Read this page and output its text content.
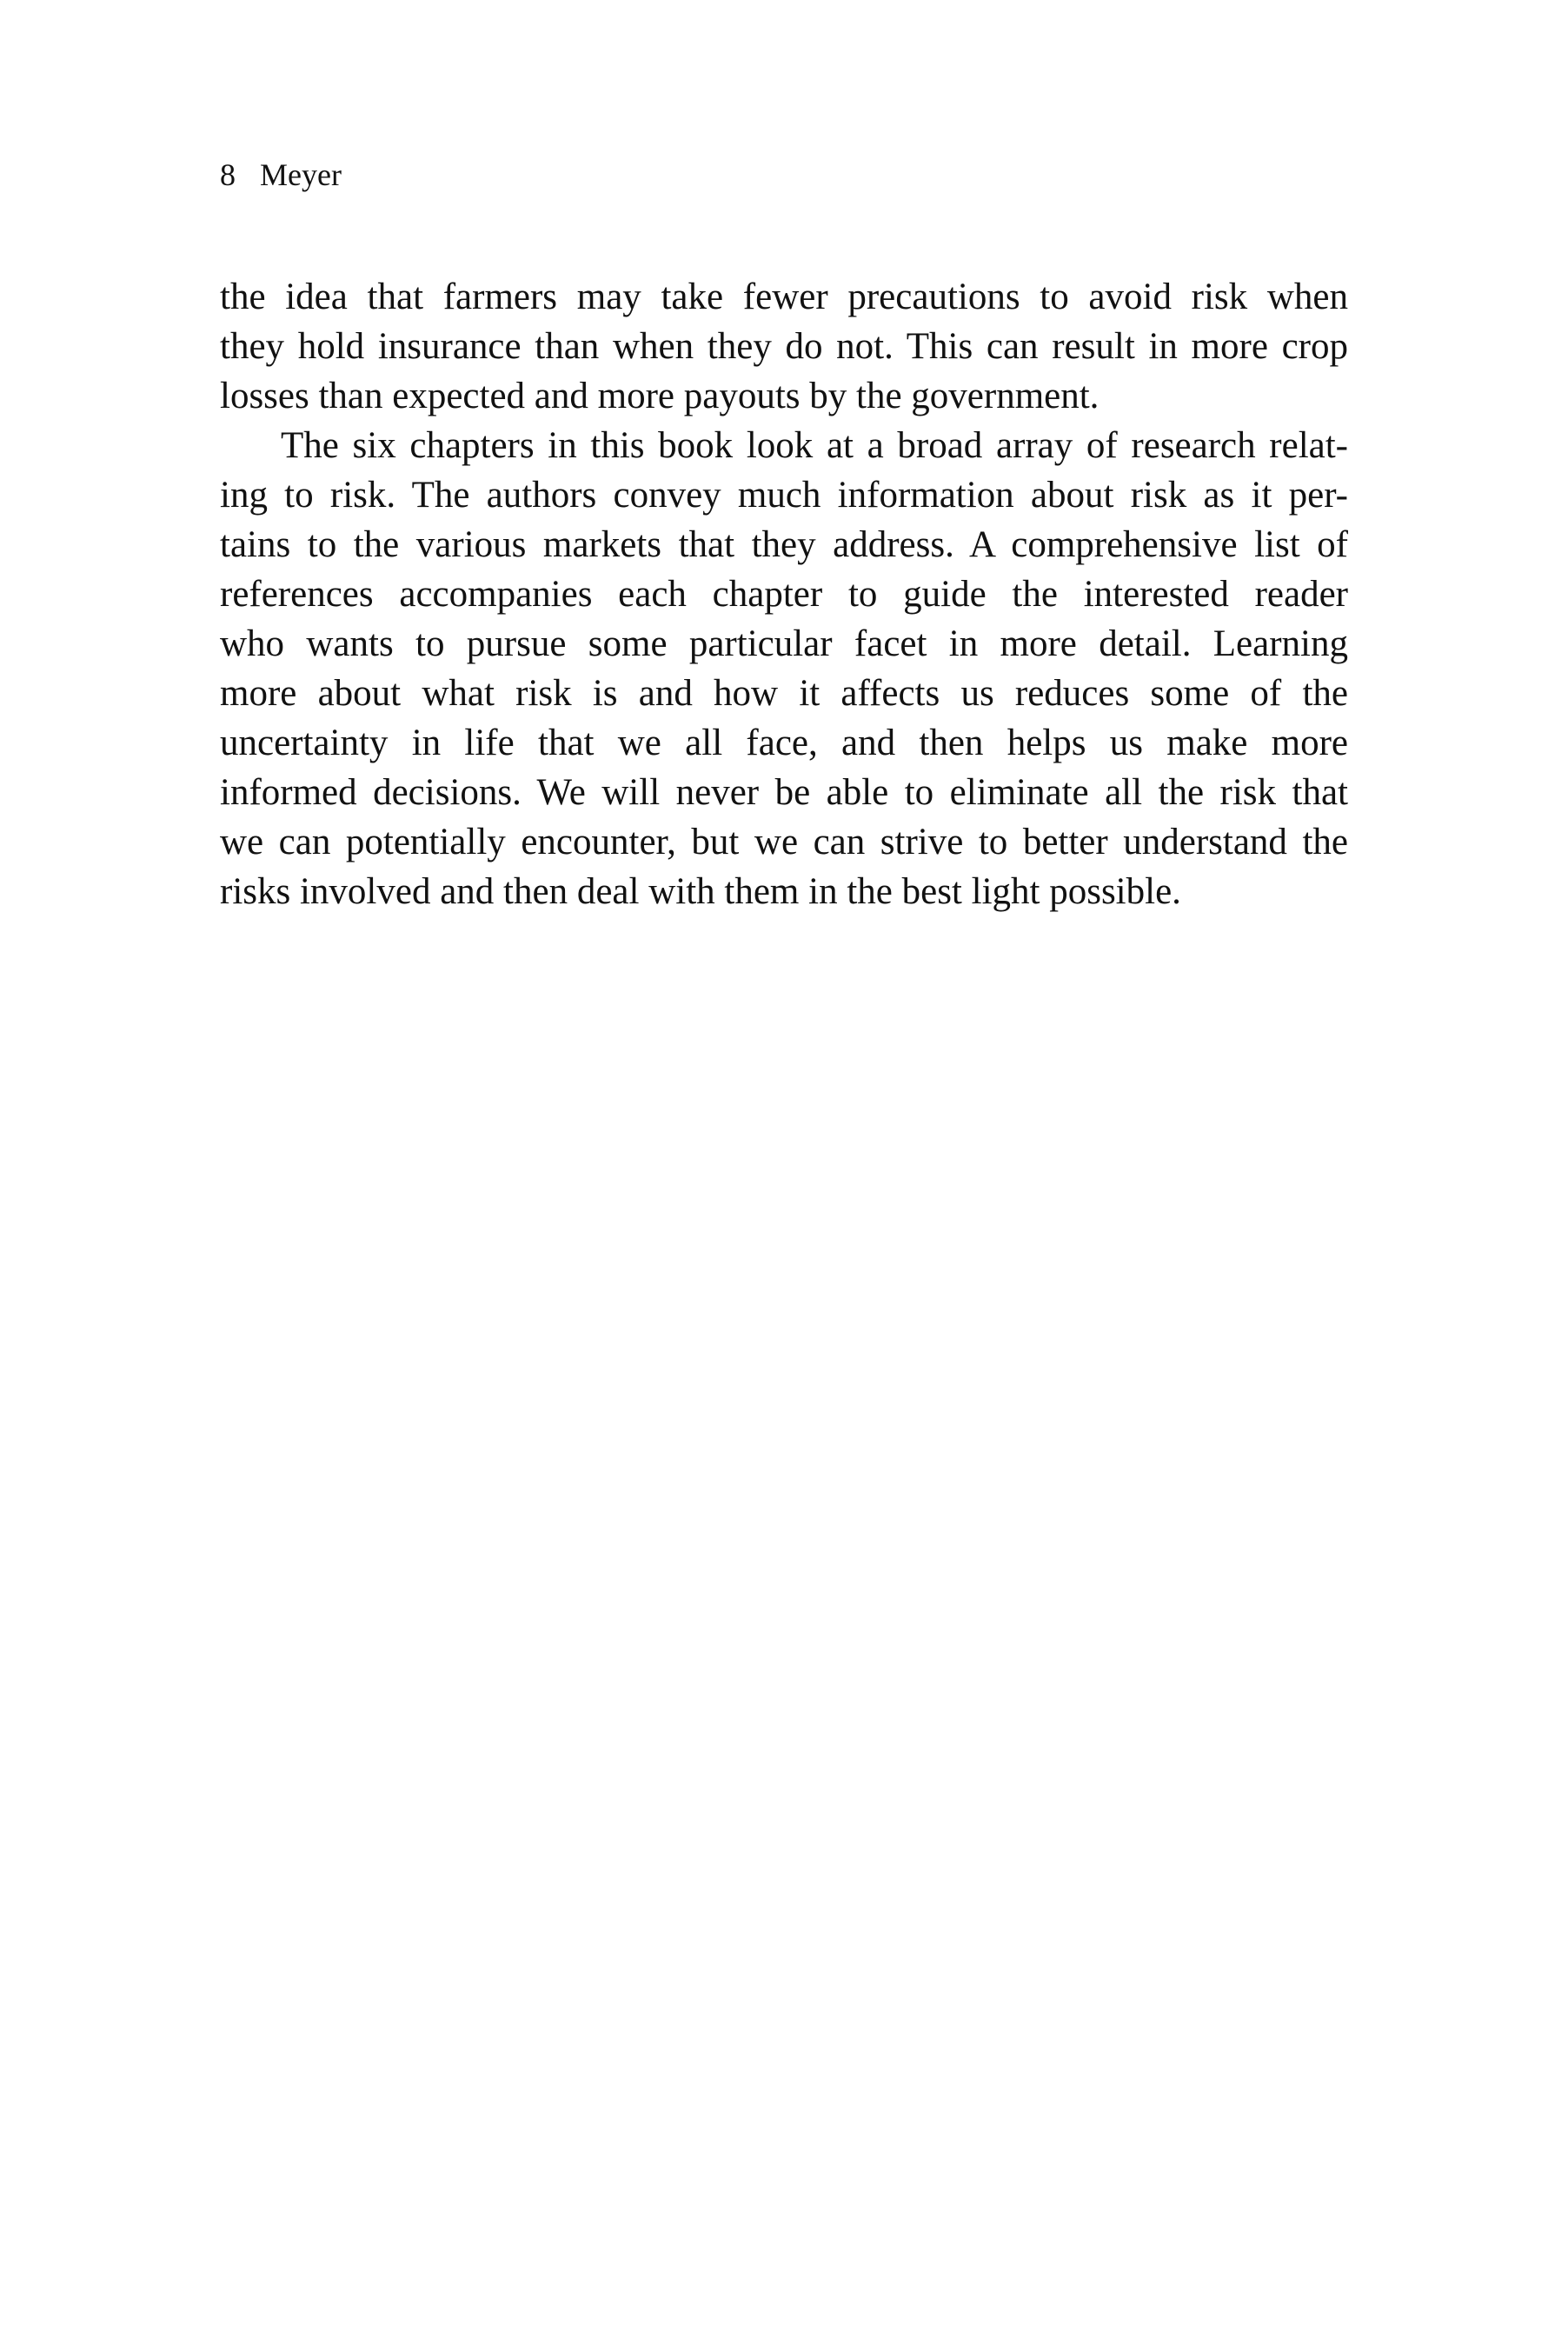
8 Meyer
the idea that farmers may take fewer precautions to avoid risk when
they hold insurance than when they do not. This can result in more crop
losses than expected and more payouts by the government.
The six chapters in this book look at a broad array of research relat-
ing to risk. The authors convey much information about risk as it per-
tains to the various markets that they address. A comprehensive list of
references accompanies each chapter to guide the interested reader
who wants to pursue some particular facet in more detail. Learning
more about what risk is and how it affects us reduces some of the
uncertainty in life that we all face, and then helps us make more
informed decisions. We will never be able to eliminate all the risk that
we can potentially encounter, but we can strive to better understand the
risks involved and then deal with them in the best light possible.
